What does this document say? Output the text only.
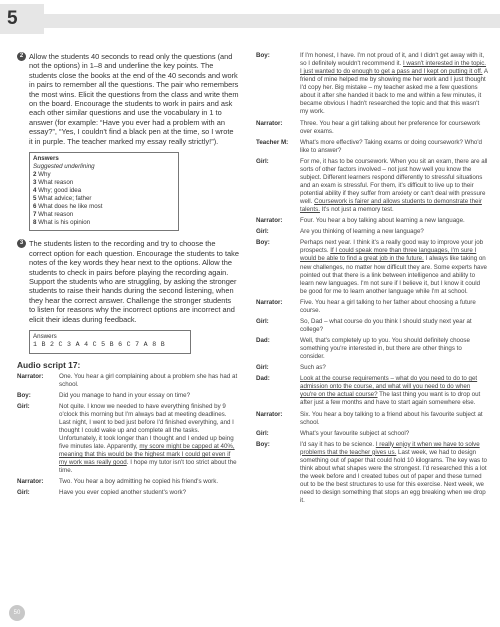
5
2 Allow the students 40 seconds to read only the questions (and not the options) in 1–8 and underline the key points. The students close the books at the end of the 40 seconds and work in pairs to remember all the questions. The pair who remembers the most wins. Elicit the questions from the class and write them on the board. Encourage the students to work in pairs and ask each other similar questions and use the vocabulary in 1 to answer (for example: “Have you ever had a problem with an essay?”, “Yes, I couldn't find a black pen at the time, so I wrote it in purple. The teacher marked my essay really strictly!”).

Answers
Suggested underlining
2 Why
3 What reason
4 Why; good idea
5 What advice; father
6 What does he like most
7 What reason
8 What is his opinion
3 The students listen to the recording and try to choose the correct option for each question. Encourage the students to take notes of the key words they hear next to the options. Allow the students to check in pairs before playing the recording again. Support the students who are struggling, by asking the stronger students to raise their hands during the second listening, when they hear the correct answer. Challenge the stronger students to listen for reasons why the incorrect options are incorrect and elicit their ideas during feedback.

Answers
1 B 2 C 3 A 4 C 5 B 6 C 7 A 8 B
Audio script 17:
Narrator:	One. You hear a girl complaining about a problem she has had at school.
Boy:	Did you manage to hand in your essay on time?
Girl:	Not quite. I know we needed to have everything finished by 9 o'clock this morning but I'm always bad at meeting deadlines. Last night, I went to bed just before I'd finished everything, and I thought I could wake up and complete all the tasks. Unfortunately, it took longer than I thought and I ended up being five minutes late. Apparently, my score might be capped at 40%, meaning that this would be the highest mark I could get even if my work was really good. I hope my tutor isn't too strict about the time.
Narrator:	Two. You hear a boy admitting he copied his friend's work.
Girl:	Have you ever copied another student's work?
Boy:	If I'm honest, I have. I'm not proud of it, and I didn't get away with it, so I definitely wouldn't recommend it. I wasn't interested in the topic. I just wanted to do enough to get a pass and I kept on putting it off. A friend of mine helped me by showing me her work and I just thought I'd copy her. Big mistake – my teacher asked me a few questions about it after she handed it back to me and within a few minutes, it became obvious I hadn't researched the topic and that this wasn't my work.
Narrator:	Three. You hear a girl talking about her preference for coursework over exams.
Teacher M:	What's more effective? Taking exams or doing coursework? Who'd like to answer?
Girl:	For me, it has to be coursework. When you sit an exam, there are all sorts of other factors involved – not just how well you know the subject. Different learners respond differently to stressful situations and an exam is stressful. For them, it's difficult to live up to their potential ability if they suffer from anxiety or can't deal with pressure well. Coursework is fairer and allows students to demonstrate their talents. It's not just a memory test.
Narrator:	Four. You hear a boy talking about learning a new language.
Girl:	Are you thinking of learning a new language?
Boy:	Perhaps next year. I think it's a really good way to improve your job prospects. If I could speak more than three languages, I'm sure I would be able to find a great job in the future. I always like taking on new challenges, no matter how difficult they are. Some experts have pointed out that there is a link between intelligence and ability to learn new languages. I'm not sure if I believe it, but I know it could be good for me to learn another language while I'm at school.
Narrator:	Five. You hear a girl talking to her father about choosing a future course.
Girl:	So, Dad – what course do you think I should study next year at college?
Dad:	Well, that's completely up to you. You should definitely choose something you're interested in, but there are other things to consider.
Girl:	Such as?
Dad:	Look at the course requirements – what do you need to do to get admission onto the course, and what will you need to do when you're on the actual course? The last thing you want is to drop out after just a few months and have to start again somewhere else.
Narrator:	Six. You hear a boy talking to a friend about his favourite subject at school.
Girl:	What's your favourite subject at school?
Boy:	I'd say it has to be science. I really enjoy it when we have to solve problems that the teacher gives us. Last week, we had to design something out of paper that could hold 10 kilograms. The key was to think about what shapes were the strongest. I'd researched this a lot the week before and I created tubes out of paper and these turned out to be the best structures to use for this exercise. Next week, we need to design something that stops an egg breaking when we drop it.
50
